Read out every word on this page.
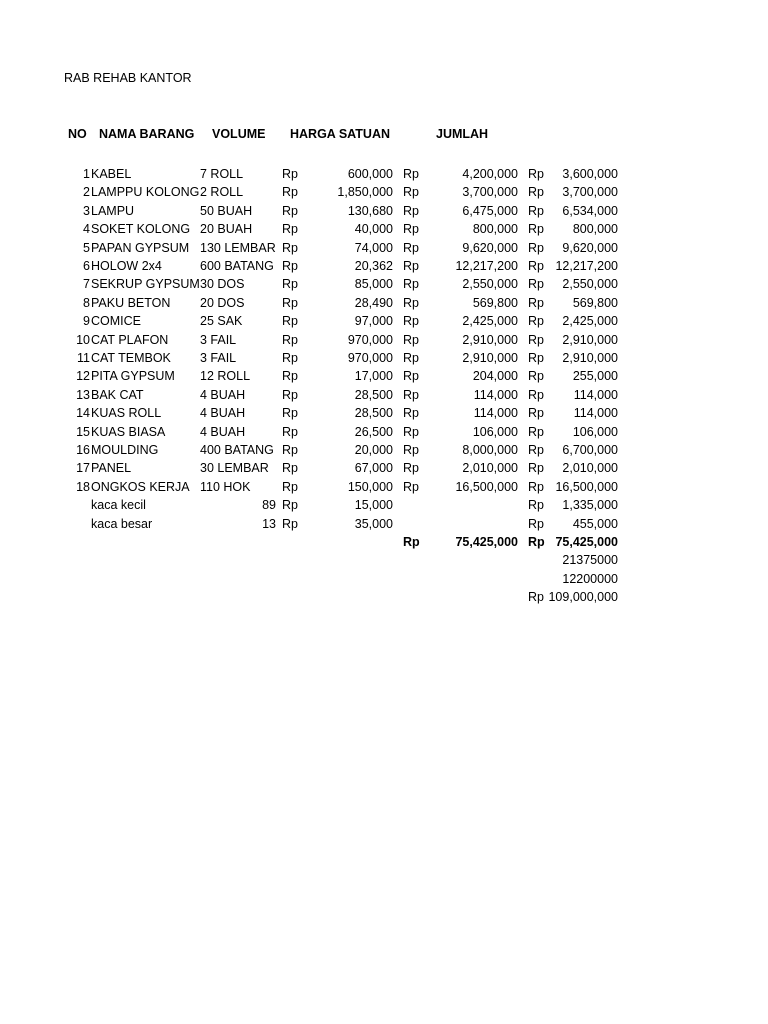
RAB REHAB KANTOR
NO NAMA BARANG VOLUME HARGA SATUAN	JUMLAH
1 KABEL	7 ROLL	Rp	600,000 Rp	4,200,000 Rp	3,600,000
2 LAMPPU KOLONG 2 ROLL	Rp	1,850,000 Rp	3,700,000 Rp	3,700,000
3 LAMPU	50 BUAH Rp	130,680 Rp	6,475,000 Rp	6,534,000
4 SOKET KOLONG 20 BUAH Rp	40,000 Rp	800,000 Rp	800,000
5 PAPAN GYPSUM 130 LEMBAR Rp	74,000 Rp	9,620,000 Rp	9,620,000
6 HOLOW 2x4	600 BATANG Rp	20,362 Rp	12,217,200 Rp 12,217,200
7 SEKRUP GYPSUM 30 DOS	Rp	85,000 Rp	2,550,000 Rp	2,550,000
8 PAKU BETON 20 DOS	Rp	28,490 Rp	569,800 Rp	569,800
9 COMICE	25 SAK	Rp	97,000 Rp	2,425,000 Rp	2,425,000
10 CAT PLAFON	3 FAIL	Rp	970,000 Rp	2,910,000 Rp	2,910,000
11 CAT TEMBOK 3 FAIL	Rp	970,000 Rp	2,910,000 Rp	2,910,000
12 PITA GYPSUM 12 ROLL	Rp	17,000 Rp	204,000 Rp	255,000
13 BAK CAT	4 BUAH	Rp	28,500 Rp	114,000 Rp	114,000
14 KUAS ROLL	4 BUAH	Rp	28,500 Rp	114,000 Rp	114,000
15 KUAS BIASA	4 BUAH	Rp	26,500 Rp	106,000 Rp	106,000
16 MOULDING	400 BATANG Rp	20,000 Rp	8,000,000 Rp	6,700,000
17 PANEL	30 LEMBAR Rp	67,000 Rp	2,010,000 Rp	2,010,000
18 ONGKOS KERJA 110 HOK	Rp	150,000 Rp	16,500,000 Rp 16,500,000
kaca kecil	89 Rp	15,000	Rp	1,335,000
kaca besar	13 Rp	35,000	Rp	455,000
Rp	75,425,000 Rp 75,425,000
21375000
12200000
Rp 109,000,000
